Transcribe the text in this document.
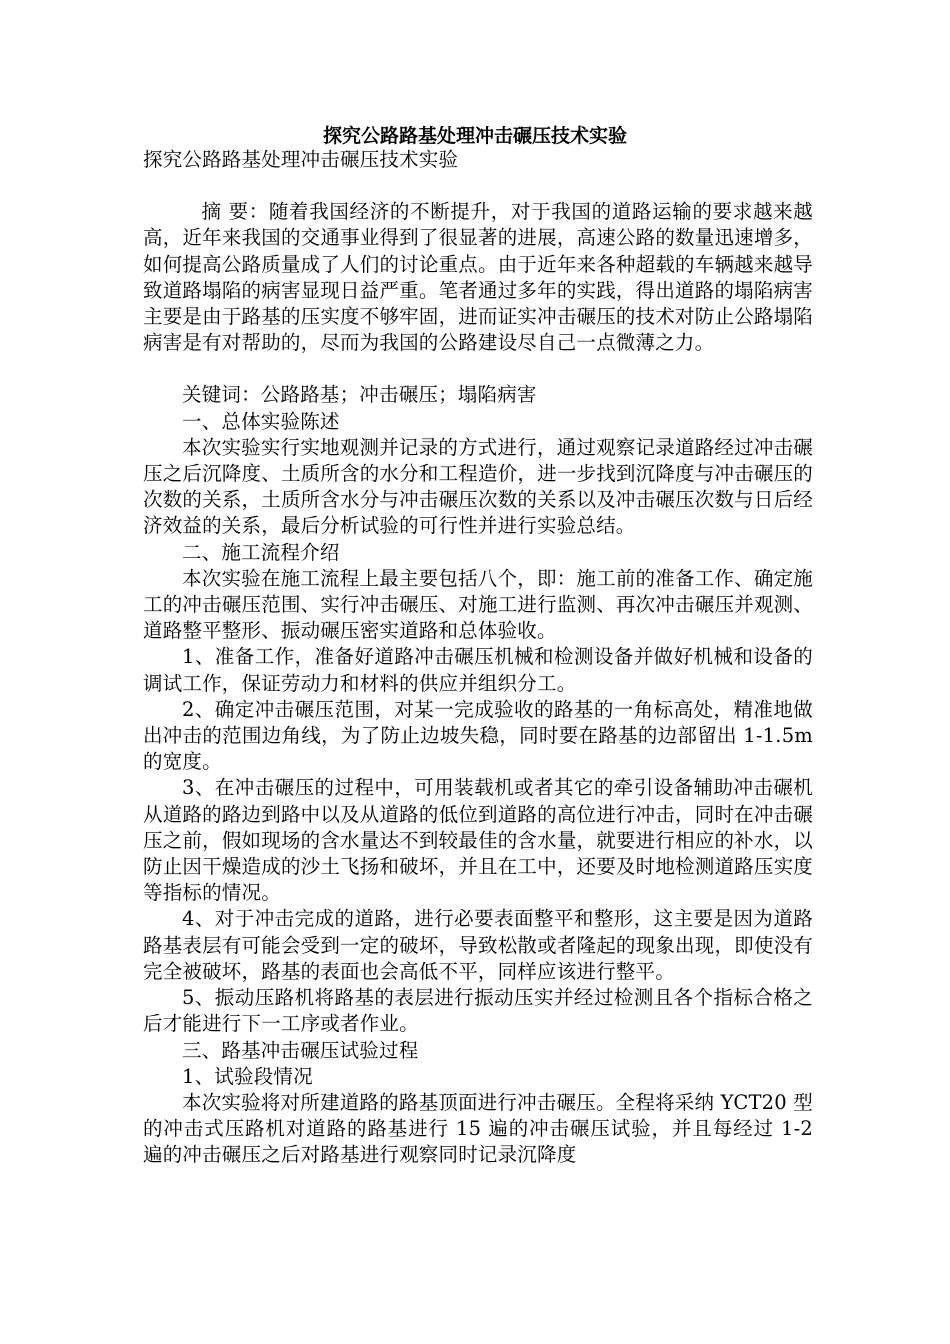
探究公路路基处理冲击碾压技术实验

探究公路路基处理冲击碾压技术实验

摘 要：随着我国经济的不断提升，对于我国的道路运输的要求越来越高，近年来我国的交通事业得到了很显著的进展，高速公路的数量迅速增多，如何提高公路质量成了人们的讨论重点。由于近年来各种超载的车辆越来越导致道路塌陷的病害显现日益严重。笔者通过多年的实践，得出道路的塌陷病害主要是由于路基的压实度不够牢固，进而证实冲击碾压的技术对防止公路塌陷病害是有对帮助的，尽而为我国的公路建设尽自己一点微薄之力。

关键词：公路路基；冲击碾压；塌陷病害

一、总体实验陈述

本次实验实行实地观测并记录的方式进行，通过观察记录道路经过冲击碾压之后沉降度、土质所含的水分和工程造价，进一步找到沉降度与冲击碾压的次数的关系，土质所含水分与冲击碾压次数的关系以及冲击碾压次数与日后经济效益的关系，最后分析试验的可行性并进行实验总结。

二、施工流程介绍

本次实验在施工流程上最主要包括八个，即：施工前的准备工作、确定施工的冲击碾压范围、实行冲击碾压、对施工进行监测、再次冲击碾压并观测、道路整平整形、振动碾压密实道路和总体验收。

1、准备工作，准备好道路冲击碾压机械和检测设备并做好机械和设备的调试工作，保证劳动力和材料的供应并组织分工。

2、确定冲击碾压范围，对某一完成验收的路基的一角标高处，精准地做出冲击的范围边角线，为了防止边坡失稳，同时要在路基的边部留出 1-1.5m 的宽度。

3、在冲击碾压的过程中，可用装载机或者其它的牵引设备辅助冲击碾机从道路的路边到路中以及从道路的低位到道路的高位进行冲击，同时在冲击碾压之前，假如现场的含水量达不到较最佳的含水量，就要进行相应的补水，以防止因干燥造成的沙土飞扬和破坏，并且在工中，还要及时地检测道路压实度等指标的情况。

4、对于冲击完成的道路，进行必要表面整平和整形，这主要是因为道路路基表层有可能会受到一定的破坏，导致松散或者隆起的现象出现，即使没有完全被破坏，路基的表面也会高低不平，同样应该进行整平。

5、振动压路机将路基的表层进行振动压实并经过检测且各个指标合格之后才能进行下一工序或者作业。

三、路基冲击碾压试验过程

1、试验段情况

本次实验将对所建道路的路基顶面进行冲击碾压。全程将采纳 YCT20 型的冲击式压路机对道路的路基进行 15 遍的冲击碾压试验，并且每经过 1-2 遍的冲击碾压之后对路基进行观察同时记录沉降度
